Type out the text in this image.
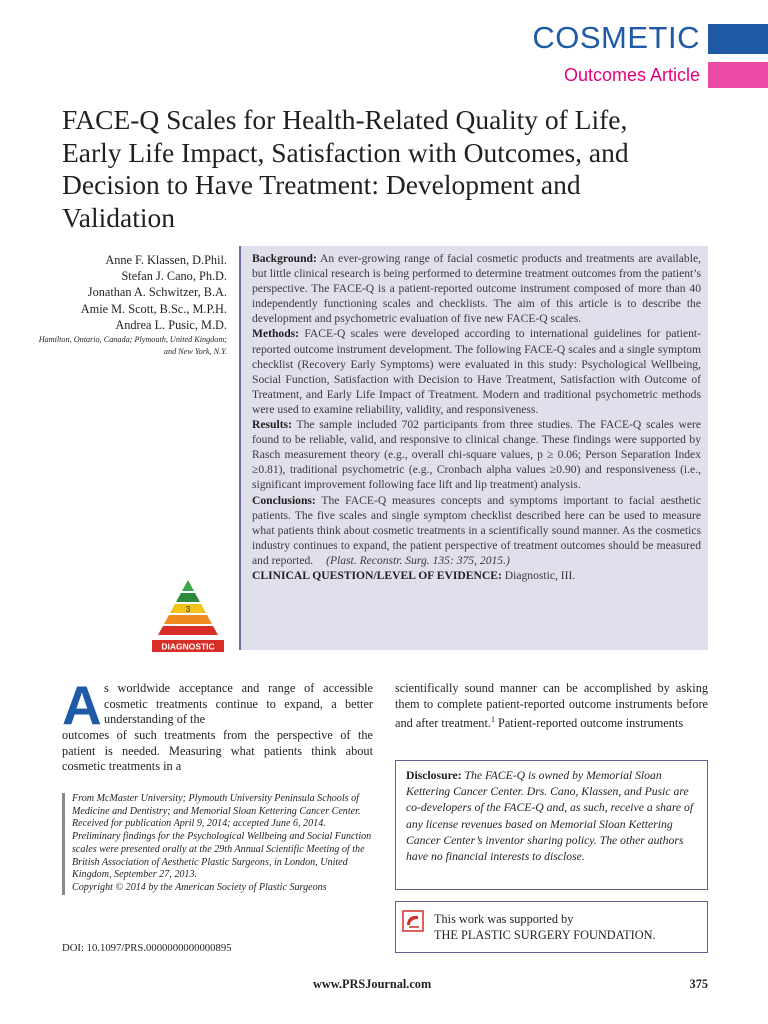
COSMETIC
Outcomes Article
FACE-Q Scales for Health-Related Quality of Life, Early Life Impact, Satisfaction with Outcomes, and Decision to Have Treatment: Development and Validation
Anne F. Klassen, D.Phil.
Stefan J. Cano, Ph.D.
Jonathan A. Schwitzer, B.A.
Amie M. Scott, B.Sc., M.P.H.
Andrea L. Pusic, M.D.
Hamilton, Ontario, Canada; Plymouth, United Kingdom; and New York, N.Y.

Background: An ever-growing range of facial cosmetic products and treatments are available, but little clinical research is being performed to determine treatment outcomes from the patient’s perspective. The FACE-Q is a patient-reported outcome instrument composed of more than 40 independently functioning scales and checklists. The aim of this article is to describe the development and psychometric evaluation of five new FACE-Q scales.

Methods: FACE-Q scales were developed according to international guidelines for patient-reported outcome instrument development. The following FACE-Q scales and a single symptom checklist (Recovery Early Symptoms) were evaluated in this study: Psychological Wellbeing, Social Function, Satisfaction with Decision to Have Treatment, Satisfaction with Outcome of Treatment, and Early Life Impact of Treatment. Modern and traditional psychometric methods were used to examine reliability, validity, and responsiveness.

Results: The sample included 702 participants from three studies. The FACE-Q scales were found to be reliable, valid, and responsive to clinical change. These findings were supported by Rasch measurement theory (e.g., overall chi-square values, p ≥ 0.06; Person Separation Index ≥0.81), traditional psychometric (e.g., Cronbach alpha values ≥0.90) and responsiveness (i.e., significant improvement following face lift and lip treatment) analysis.

Conclusions: The FACE-Q measures concepts and symptoms important to facial aesthetic patients. The five scales and single symptom checklist described here can be used to measure what patients think about cosmetic treatments in a scientifically sound manner. As the cosmetics industry continues to expand, the patient perspective of treatment outcomes should be measured and reported. (Plast. Reconstr. Surg. 135: 375, 2015.)

CLINICAL QUESTION/LEVEL OF EVIDENCE: Diagnostic, III.

3
DIAGNOSTIC
A s worldwide acceptance and range of accessible cosmetic treatments continue to expand, a better understanding of the
outcomes of such treatments from the perspective of the patient is needed. Measuring what patients think about cosmetic treatments in a

From McMaster University; Plymouth University Peninsula Schools of Medicine and Dentistry; and Memorial Sloan Kettering Cancer Center.

Received for publication April 9, 2014; accepted June 6, 2014.

Preliminary findings for the Psychological Wellbeing and Social Function scales were presented orally at the 29th Annual Scientific Meeting of the British Association of Aesthetic Plastic Surgeons, in London, United Kingdom, September 27, 2013.

Copyright © 2014 by the American Society of Plastic Surgeons

DOI: 10.1097/PRS.0000000000000895
scientifically sound manner can be accomplished by asking them to complete patient-reported outcome instruments before and after treatment.$^1$ Patient-reported outcome instruments
Disclosure: The FACE-Q is owned by Memorial Sloan Kettering Cancer Center. Drs. Cano, Klassen, and Pusic are co-developers of the FACE-Q and, as such, receive a share of any license revenues based on Memorial Sloan Kettering Cancer Center’s inventor sharing policy. The other authors have no financial interests to disclose.
This work was supported by
THE PLASTIC SURGERY FOUNDATION.
www.PRSJournal.com	375
